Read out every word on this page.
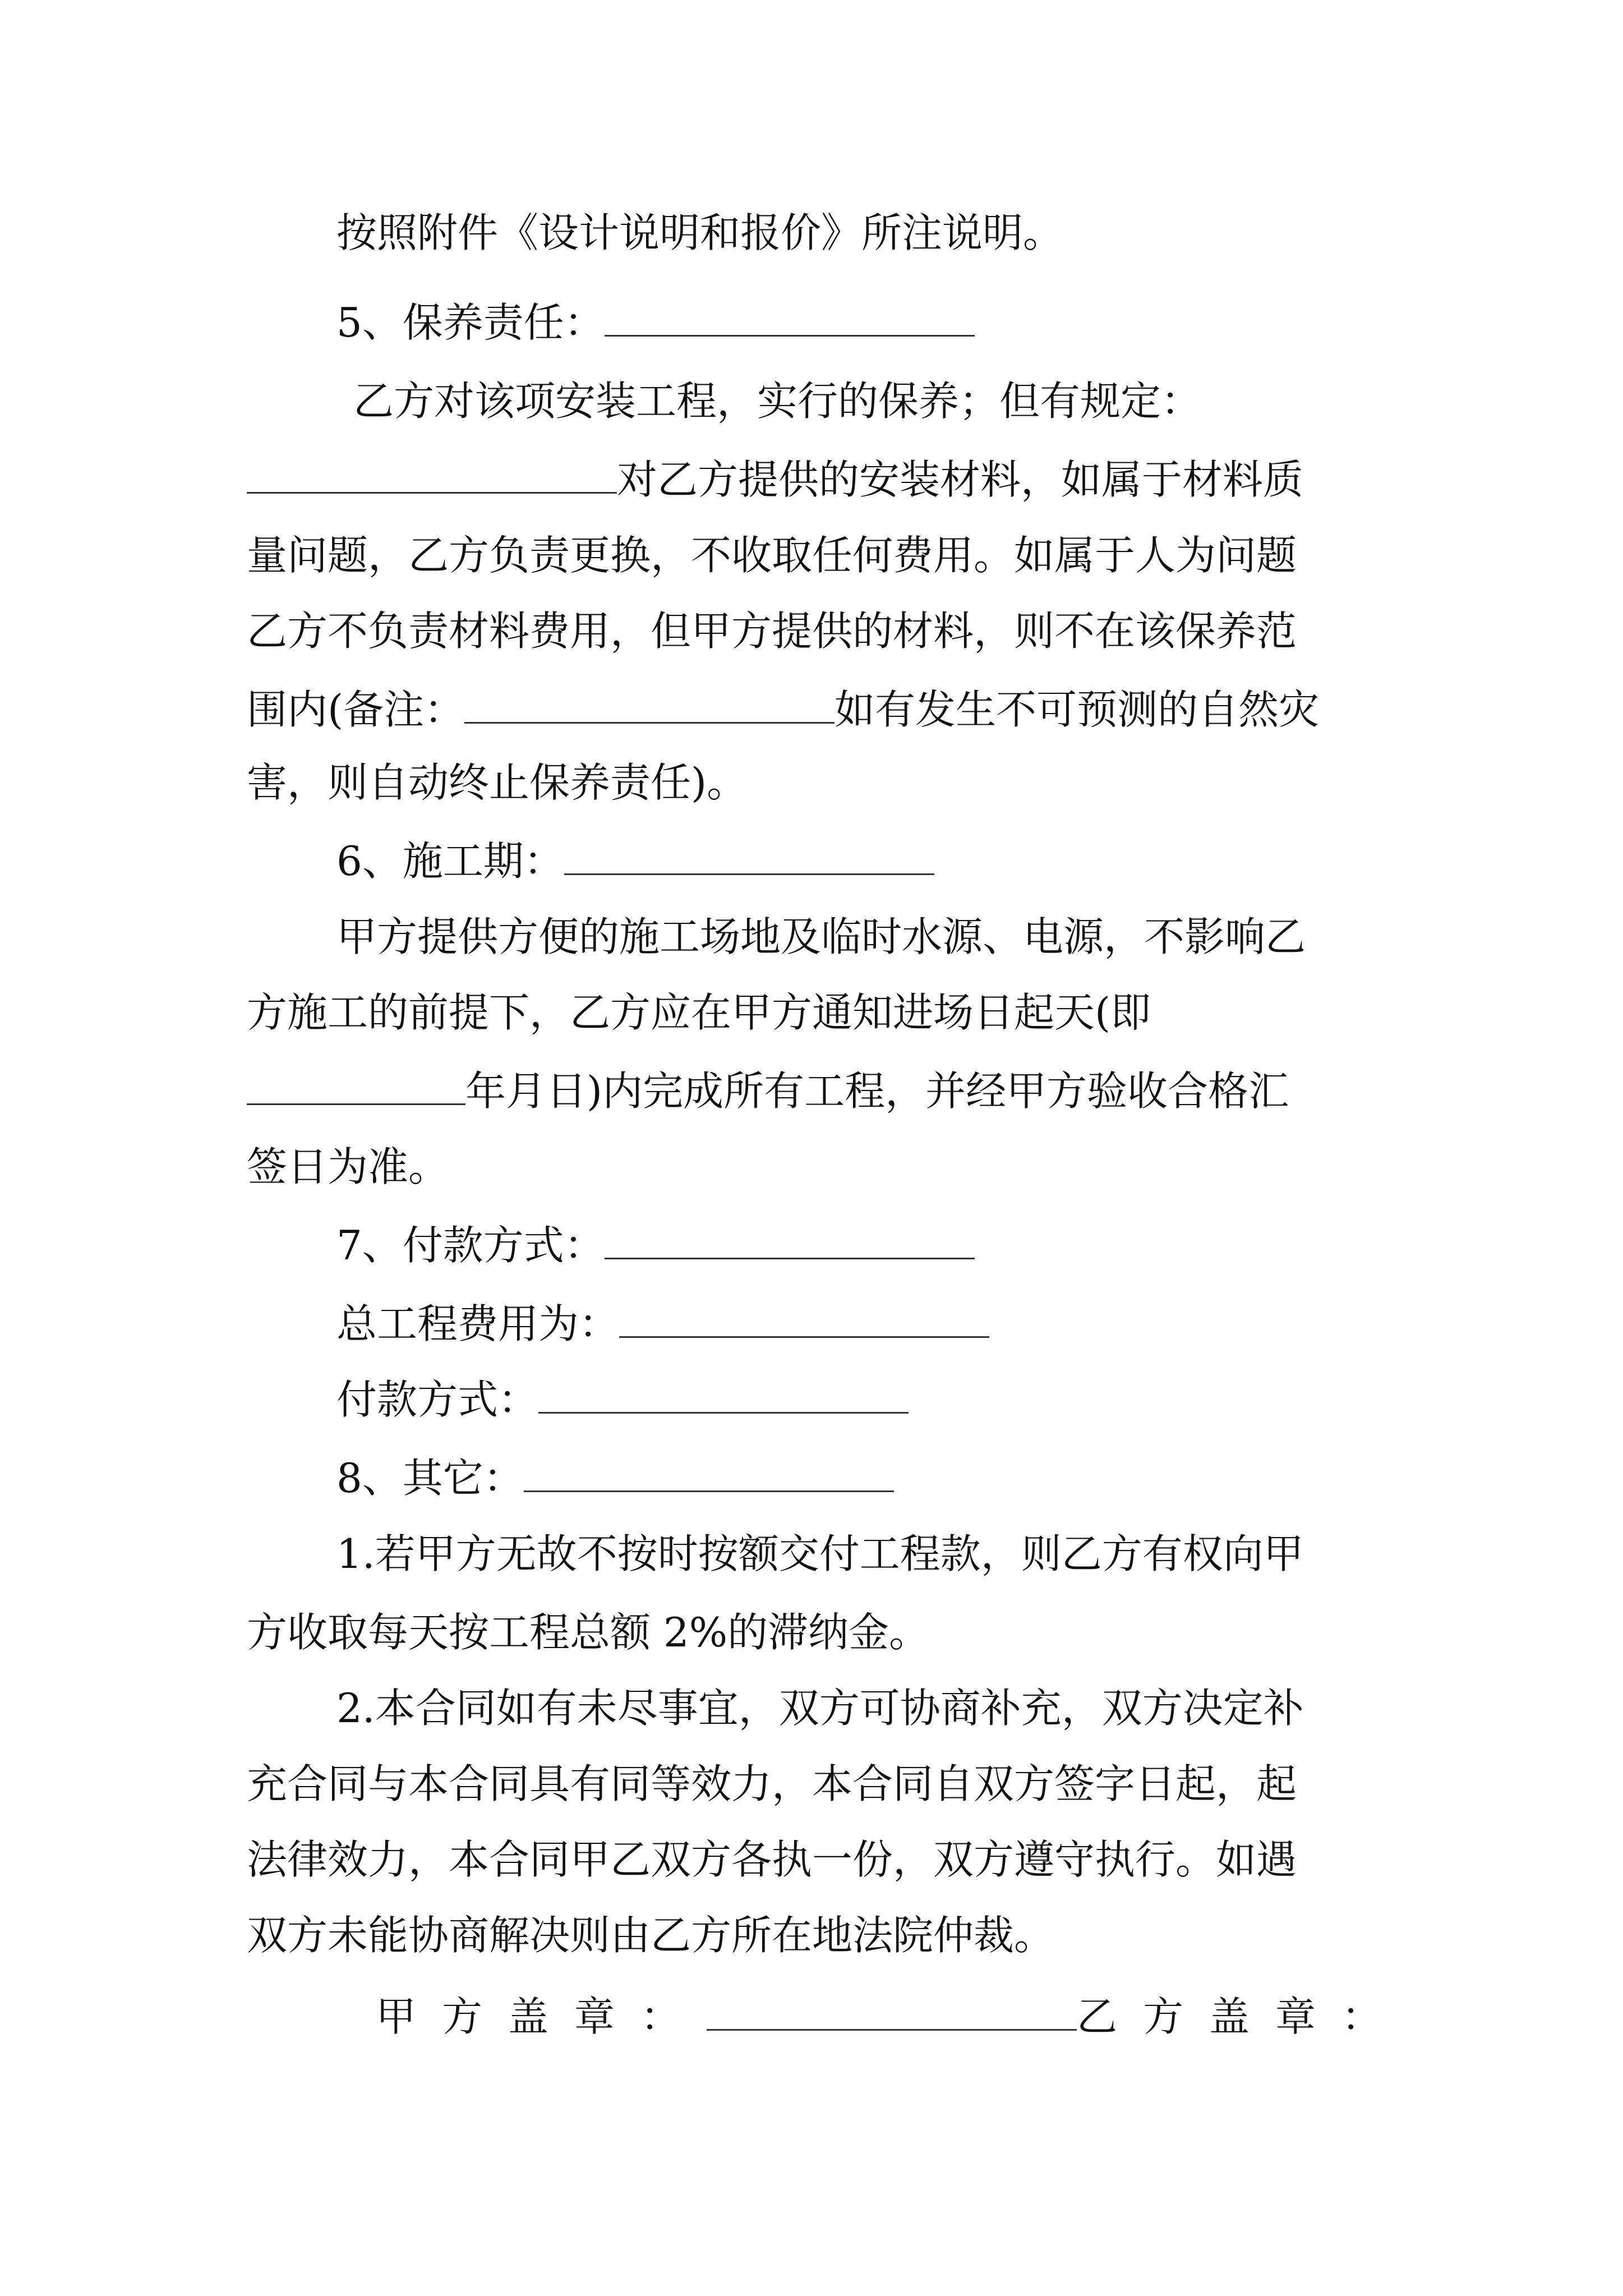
按照附件《设计说明和报价》所注说明。
5、保养责任：
乙方对该项安装工程，实行的保养；但有规定：
对乙方提供的安装材料，如属于材料质
量问题，乙方负责更换，不收取任何费用。如属于人为问题
乙方不负责材料费用，但甲方提供的材料，则不在该保养范
围内(备注：	如有发生不可预测的自然灾
害，则自动终止保养责任)。
6、施工期：
甲方提供方便的施工场地及临时水源、电源，不影响乙
方施工的前提下，乙方应在甲方通知进场日起天(即
年月日)内完成所有工程，并经甲方验收合格汇
签日为准。
7、付款方式：
总工程费用为：
付款方式：
8、其它：
1.若甲方无故不按时按额交付工程款，则乙方有权向甲
方收取每天按工程总额 2%的滞纳金。
2.本合同如有未尽事宜，双方可协商补充，双方决定补
充合同与本合同具有同等效力，本合同自双方签字日起，起
法律效力，本合同甲乙双方各执一份，双方遵守执行。如遇
双方未能协商解决则由乙方所在地法院仲裁。
甲方盖章：	乙方盖章：
